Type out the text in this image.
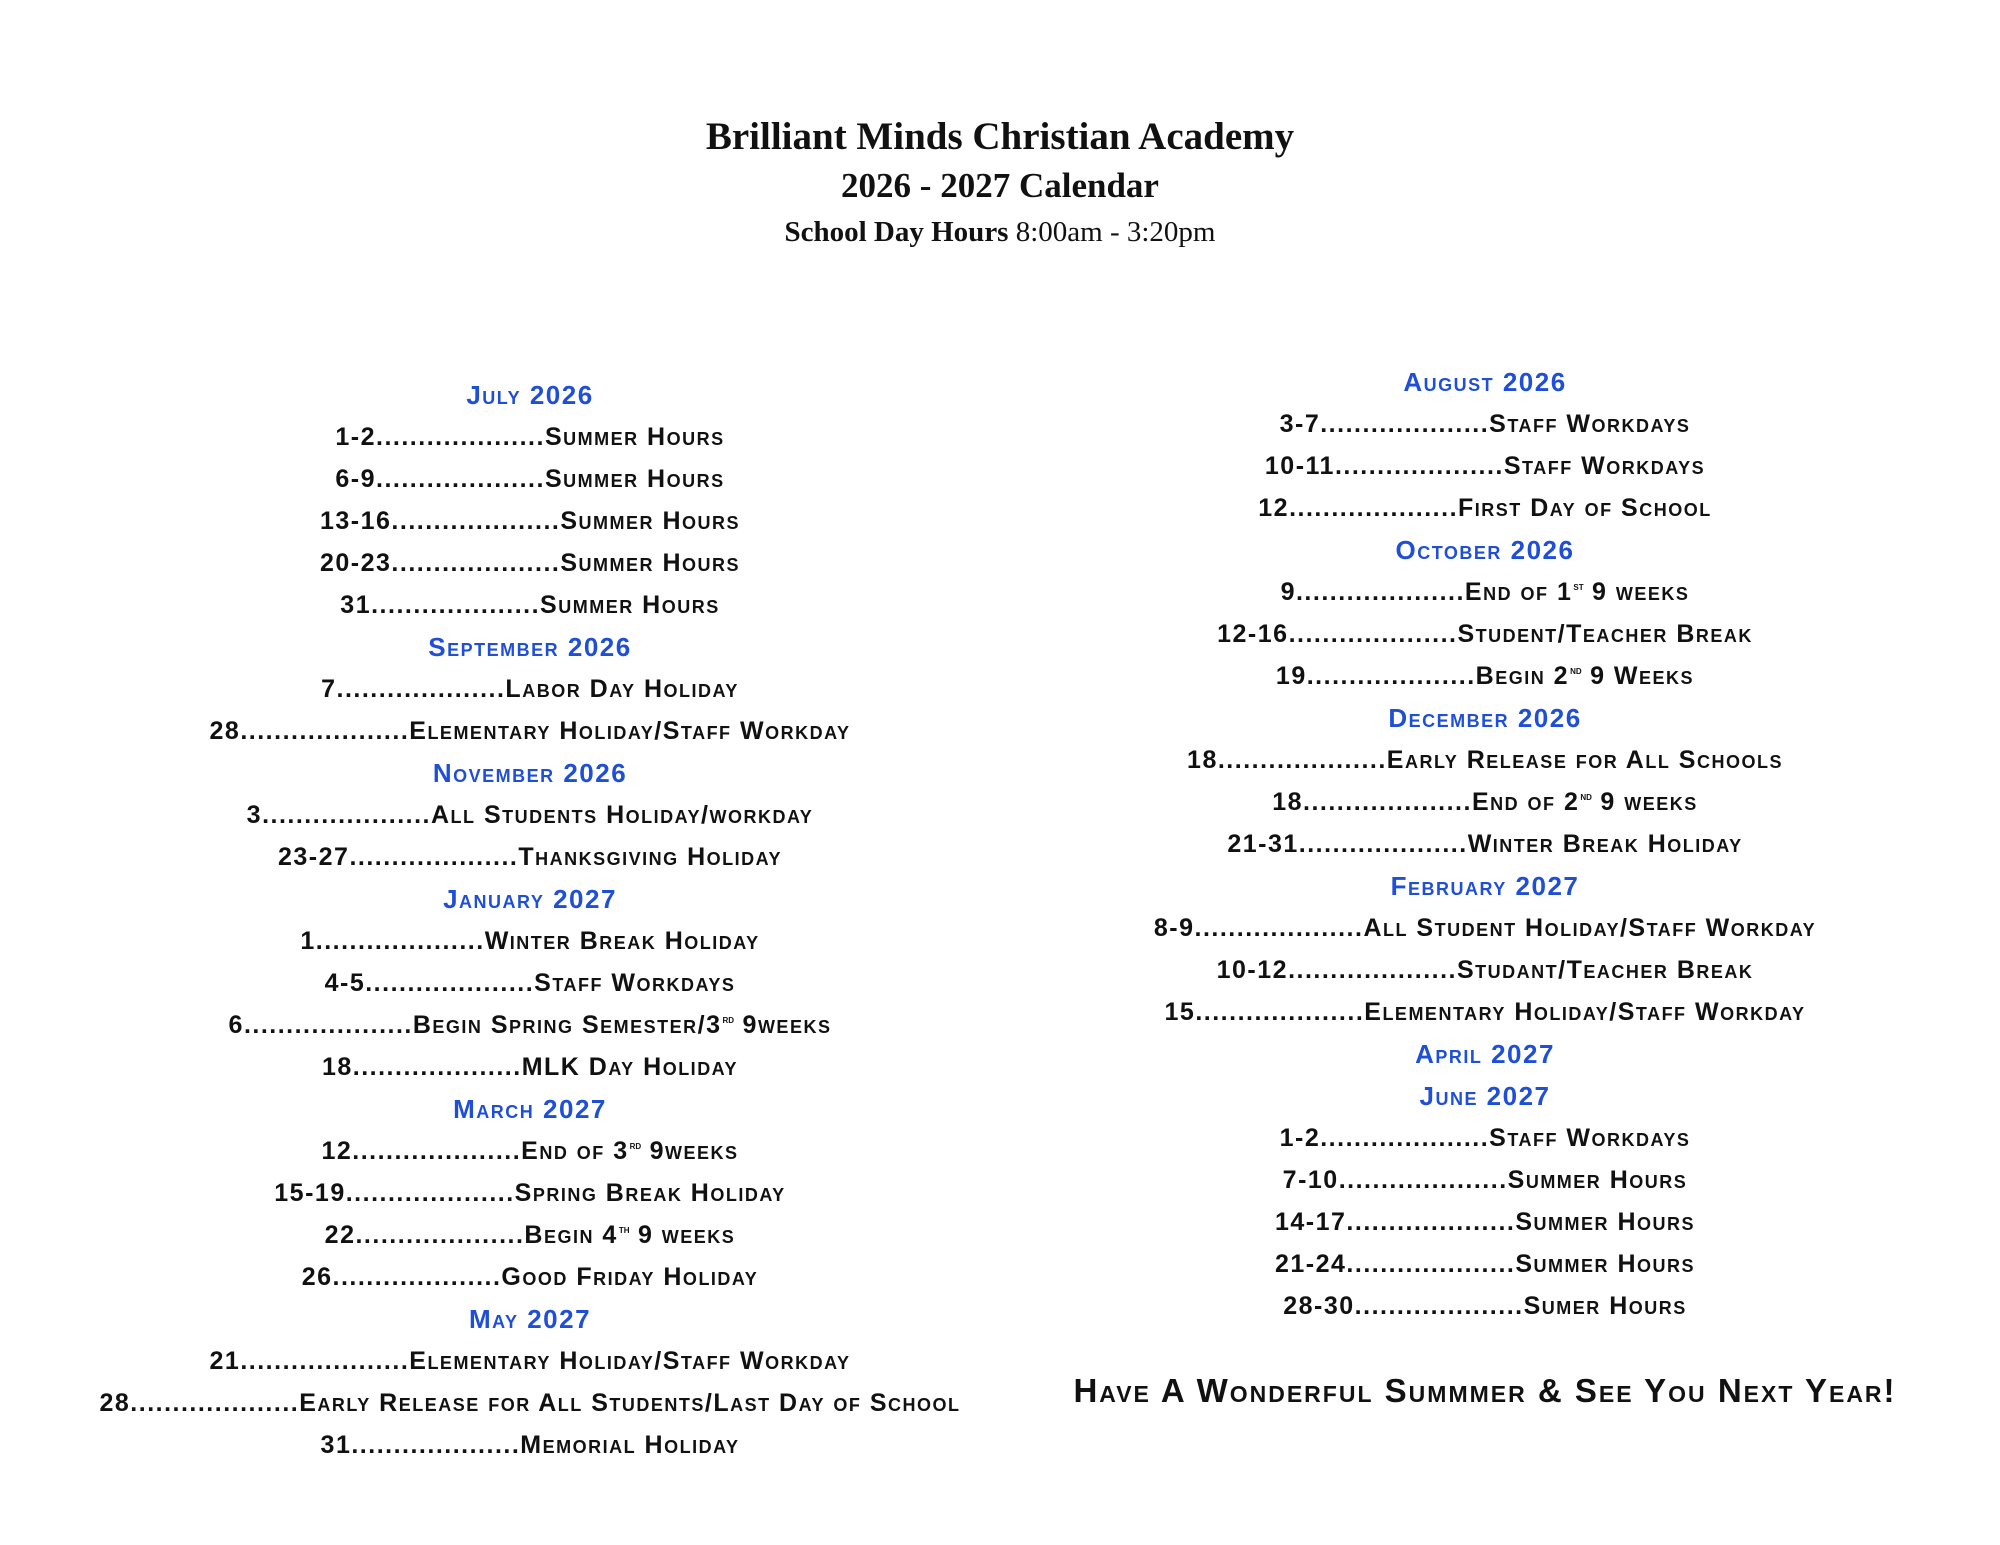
Brilliant Minds Christian Academy
2026 - 2027 Calendar
School Day Hours 8:00am - 3:20pm
July 2026
1-2....................Summer Hours
6-9....................Summer Hours
13-16....................Summer Hours
20-23....................Summer Hours
31....................Summer Hours
September 2026
7....................Labor Day Holiday
28....................Elementary Holiday/Staff Workday
November 2026
3....................All Students Holiday/workday
23-27....................Thanksgiving Holiday
January 2027
1....................Winter Break Holiday
4-5....................Staff Workdays
6....................Begin Spring Semester/3rd 9weeks
18....................MLK Day Holiday
March 2027
12....................End of 3rd 9weeks
15-19....................Spring Break Holiday
22....................Begin 4th 9 weeks
26....................Good Friday Holiday
May 2027
21....................Elementary Holiday/Staff Workday
28....................Early Release for All Students/Last Day of School
31....................Memorial Holiday
August 2026
3-7....................Staff Workdays
10-11....................Staff Workdays
12....................First Day of School
October 2026
9....................End of 1st 9 weeks
12-16....................Student/Teacher Break
19....................Begin 2nd 9 Weeks
December 2026
18....................Early Release for All Schools
18....................End of 2nd 9 weeks
21-31....................Winter Break Holiday
February 2027
8-9....................All Student Holiday/Staff Workday
10-12....................Studant/Teacher Break
15....................Elementary Holiday/Staff Workday
April 2027
June 2027
1-2....................Staff Workdays
7-10....................Summer Hours
14-17....................Summer Hours
21-24....................Summer Hours
28-30....................Sumer Hours
Have A Wonderful Summmer & See You Next Year!
